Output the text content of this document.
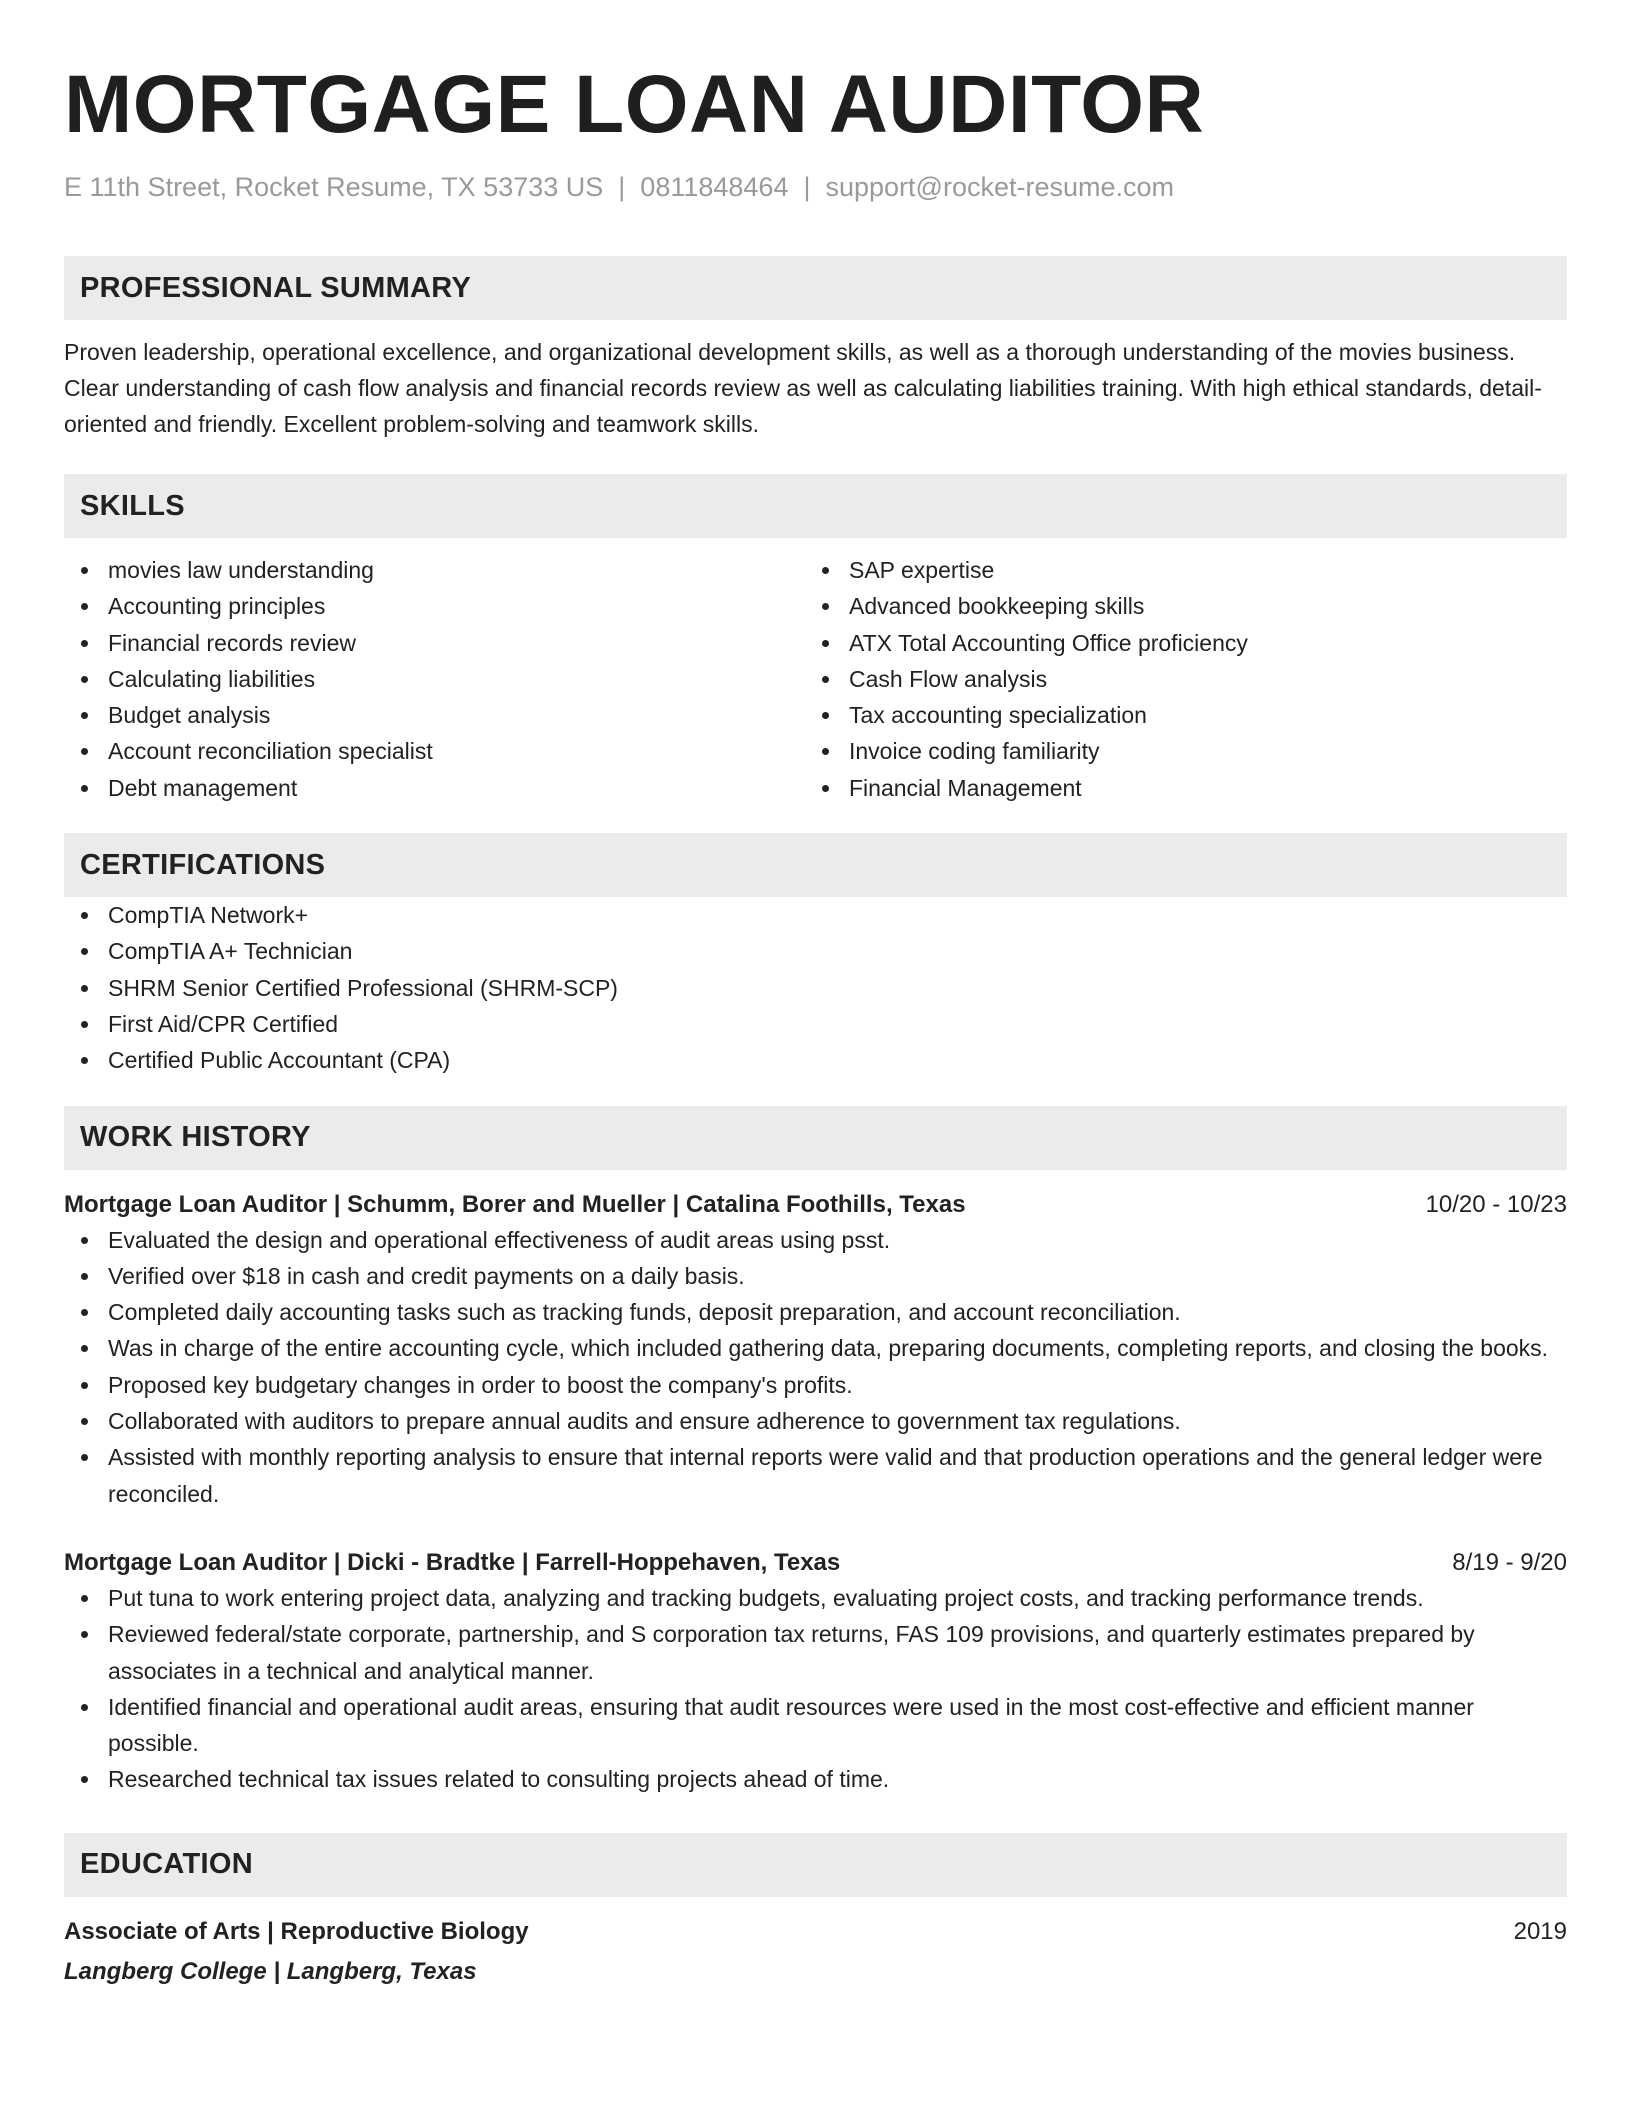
MORTGAGE LOAN AUDITOR
E 11th Street, Rocket Resume, TX 53733 US | 0811848464 | support@rocket-resume.com
PROFESSIONAL SUMMARY
Proven leadership, operational excellence, and organizational development skills, as well as a thorough understanding of the movies business. Clear understanding of cash flow analysis and financial records review as well as calculating liabilities training. With high ethical standards, detail-oriented and friendly. Excellent problem-solving and teamwork skills.
SKILLS
movies law understanding
Accounting principles
Financial records review
Calculating liabilities
Budget analysis
Account reconciliation specialist
Debt management
SAP expertise
Advanced bookkeeping skills
ATX Total Accounting Office proficiency
Cash Flow analysis
Tax accounting specialization
Invoice coding familiarity
Financial Management
CERTIFICATIONS
CompTIA Network+
CompTIA A+ Technician
SHRM Senior Certified Professional (SHRM-SCP)
First Aid/CPR Certified
Certified Public Accountant (CPA)
WORK HISTORY
Mortgage Loan Auditor | Schumm, Borer and Mueller | Catalina Foothills, Texas	10/20 - 10/23
Evaluated the design and operational effectiveness of audit areas using psst.
Verified over $18 in cash and credit payments on a daily basis.
Completed daily accounting tasks such as tracking funds, deposit preparation, and account reconciliation.
Was in charge of the entire accounting cycle, which included gathering data, preparing documents, completing reports, and closing the books.
Proposed key budgetary changes in order to boost the company's profits.
Collaborated with auditors to prepare annual audits and ensure adherence to government tax regulations.
Assisted with monthly reporting analysis to ensure that internal reports were valid and that production operations and the general ledger were reconciled.
Mortgage Loan Auditor | Dicki - Bradtke | Farrell-Hoppehaven, Texas	8/19 - 9/20
Put tuna to work entering project data, analyzing and tracking budgets, evaluating project costs, and tracking performance trends.
Reviewed federal/state corporate, partnership, and S corporation tax returns, FAS 109 provisions, and quarterly estimates prepared by associates in a technical and analytical manner.
Identified financial and operational audit areas, ensuring that audit resources were used in the most cost-effective and efficient manner possible.
Researched technical tax issues related to consulting projects ahead of time.
EDUCATION
Associate of Arts | Reproductive Biology	2019
Langberg College | Langberg, Texas
